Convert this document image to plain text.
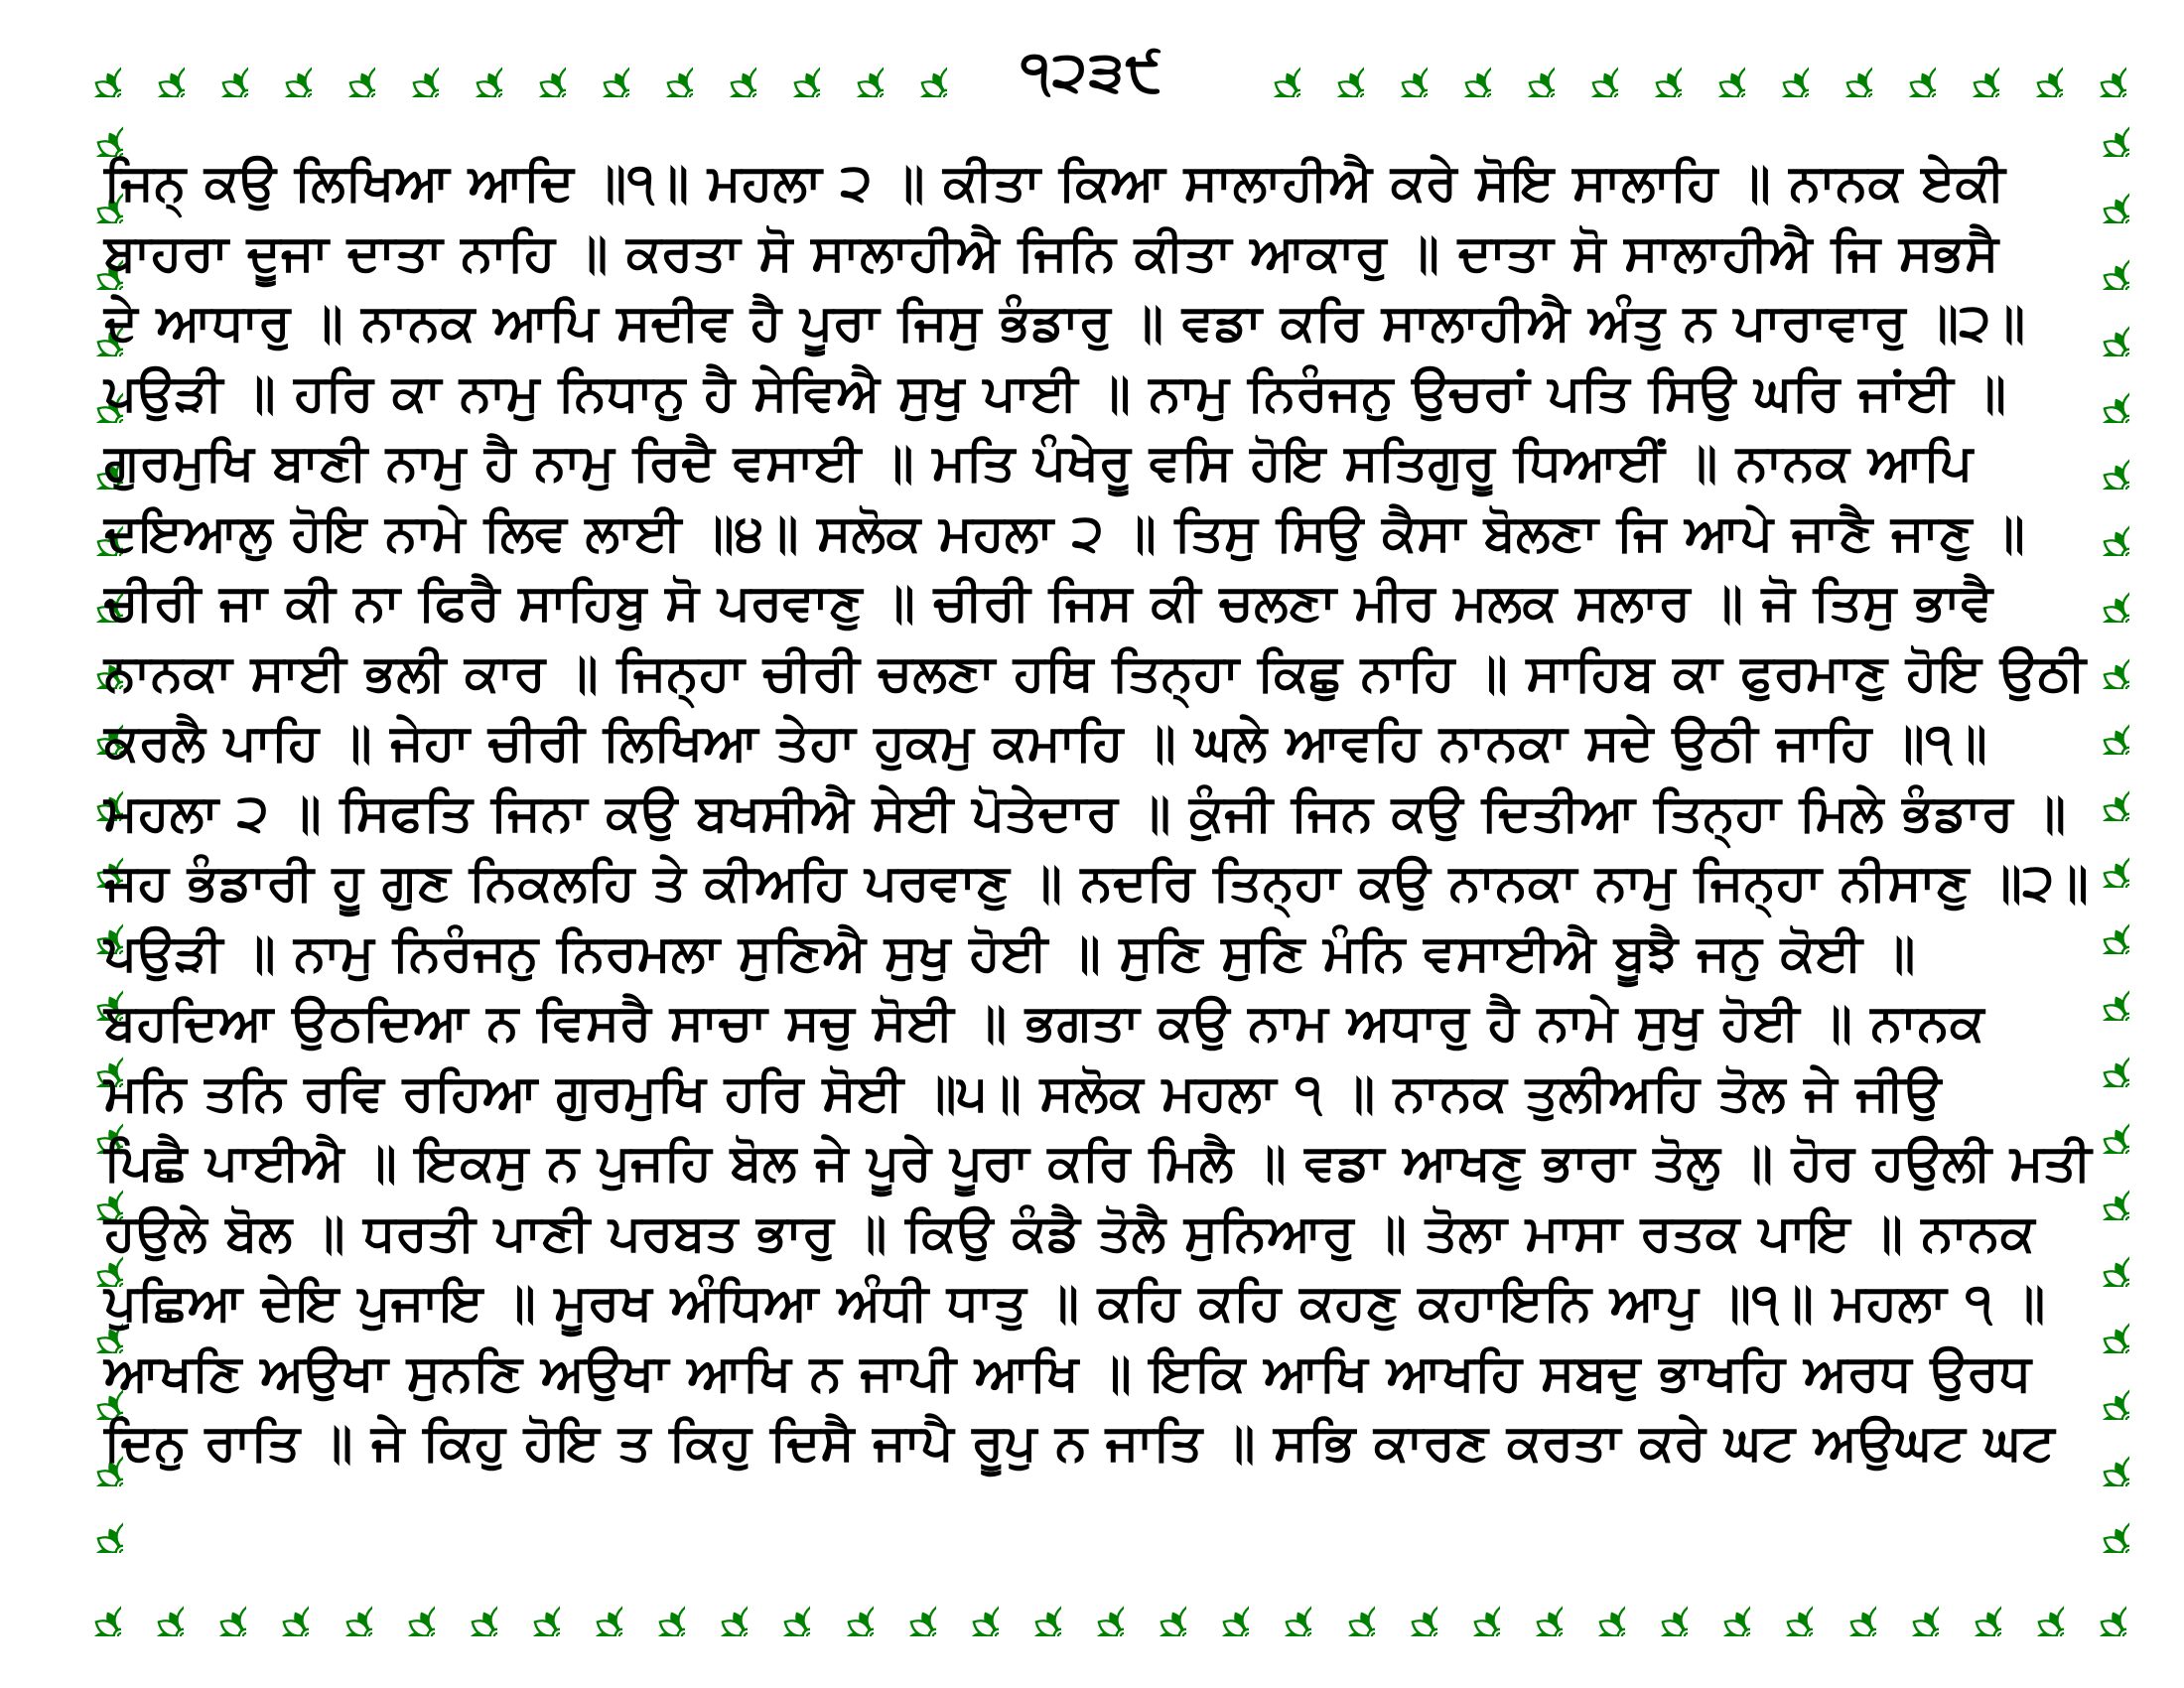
੧੨੩੯
ਜਿਨ੍ ਕਉ ਲਿਖਿਆ ਆਦਿ ॥੧॥ ਮਹਲਾ ੨ ॥ ਕੀਤਾ ਕਿਆ ਸਾਲਾਹੀਐ ਕਰੇ ਸੋਇ ਸਾਲਾਹਿ ॥ ਨਾਨਕ ਏਕੀ
ਬਾਹਰਾ ਦੂਜਾ ਦਾਤਾ ਨਾਹਿ ॥ ਕਰਤਾ ਸੋ ਸਾਲਾਹੀਐ ਜਿਨਿ ਕੀਤਾ ਆਕਾਰੁ ॥ ਦਾਤਾ ਸੋ ਸਾਲਾਹੀਐ ਜਿ ਸਭਸੈ
ਦੇ ਆਧਾਰੁ ॥ ਨਾਨਕ ਆਪਿ ਸਦੀਵ ਹੈ ਪੂਰਾ ਜਿਸੁ ਭੰਡਾਰੁ ॥ ਵਡਾ ਕਰਿ ਸਾਲਾਹੀਐ ਅੰਤੁ ਨ ਪਾਰਾਵਾਰੁ ॥੨॥
ਪਉੜੀ ॥ ਹਰਿ ਕਾ ਨਾਮੁ ਨਿਧਾਨੁ ਹੈ ਸੇਵਿਐ ਸੁਖੁ ਪਾਈ ॥ ਨਾਮੁ ਨਿਰੰਜਨੁ ਉਚਰਾਂ ਪਤਿ ਸਿਉ ਘਰਿ ਜਾਂਈ ॥
ਗੁਰਮੁਖਿ ਬਾਣੀ ਨਾਮੁ ਹੈ ਨਾਮੁ ਰਿਦੈ ਵਸਾਈ ॥ ਮਤਿ ਪੰਖੇਰੂ ਵਸਿ ਹੋਇ ਸਤਿਗੁਰੂ ਧਿਆਈਂ ॥ ਨਾਨਕ ਆਪਿ
ਦਇਆਲੁ ਹੋਇ ਨਾਮੇ ਲਿਵ ਲਾਈ ॥੪॥ ਸਲੋਕ ਮਹਲਾ ੨ ॥ ਤਿਸੁ ਸਿਉ ਕੈਸਾ ਬੋਲਣਾ ਜਿ ਆਪੇ ਜਾਣੈ ਜਾਣੁ ॥
ਚੀਰੀ ਜਾ ਕੀ ਨਾ ਫਿਰੈ ਸਾਹਿਬੁ ਸੋ ਪਰਵਾਣੁ ॥ ਚੀਰੀ ਜਿਸ ਕੀ ਚਲਣਾ ਮੀਰ ਮਲਕ ਸਲਾਰ ॥ ਜੋ ਤਿਸੁ ਭਾਵੈ
ਨਾਨਕਾ ਸਾਈ ਭਲੀ ਕਾਰ ॥ ਜਿਨ੍ਹਾ ਚੀਰੀ ਚਲਣਾ ਹਥਿ ਤਿਨ੍ਹਾ ਕਿਛੁ ਨਾਹਿ ॥ ਸਾਹਿਬ ਕਾ ਫੁਰਮਾਣੁ ਹੋਇ ਉਠੀ
ਕਰਲੈ ਪਾਹਿ ॥ ਜੇਹਾ ਚੀਰੀ ਲਿਖਿਆ ਤੇਹਾ ਹੁਕਮੁ ਕਮਾਹਿ ॥ ਘਲੇ ਆਵਹਿ ਨਾਨਕਾ ਸਦੇ ਉਠੀ ਜਾਹਿ ॥੧॥
ਮਹਲਾ ੨ ॥ ਸਿਫਤਿ ਜਿਨਾ ਕਉ ਬਖਸੀਐ ਸੇਈ ਪੋਤੇਦਾਰ ॥ ਕੁੰਜੀ ਜਿਨ ਕਉ ਦਿਤੀਆ ਤਿਨ੍ਹਾ ਮਿਲੇ ਭੰਡਾਰ ॥
ਜਹ ਭੰਡਾਰੀ ਹੂ ਗੁਣ ਨਿਕਲਹਿ ਤੇ ਕੀਅਹਿ ਪਰਵਾਣੁ ॥ ਨਦਰਿ ਤਿਨ੍ਹਾ ਕਉ ਨਾਨਕਾ ਨਾਮੁ ਜਿਨ੍ਹਾ ਨੀਸਾਣੁ ॥੨॥
ਪਉੜੀ ॥ ਨਾਮੁ ਨਿਰੰਜਨੁ ਨਿਰਮਲਾ ਸੁਣਿਐ ਸੁਖੁ ਹੋਈ ॥ ਸੁਣਿ ਸੁਣਿ ਮੰਨਿ ਵਸਾਈਐ ਬੂਝੈ ਜਨੁ ਕੋਈ ॥
ਬਹਦਿਆ ਉਠਦਿਆ ਨ ਵਿਸਰੈ ਸਾਚਾ ਸਚੁ ਸੋਈ ॥ ਭਗਤਾ ਕਉ ਨਾਮ ਅਧਾਰੁ ਹੈ ਨਾਮੇ ਸੁਖੁ ਹੋਈ ॥ ਨਾਨਕ
ਮਨਿ ਤਨਿ ਰਵਿ ਰਹਿਆ ਗੁਰਮੁਖਿ ਹਰਿ ਸੋਈ ॥੫॥ ਸਲੋਕ ਮਹਲਾ ੧ ॥ ਨਾਨਕ ਤੁਲੀਅਹਿ ਤੋਲ ਜੇ ਜੀਉ
ਪਿਛੈ ਪਾਈਐ ॥ ਇਕਸੁ ਨ ਪੁਜਹਿ ਬੋਲ ਜੇ ਪੂਰੇ ਪੂਰਾ ਕਰਿ ਮਿਲੈ ॥ ਵਡਾ ਆਖਣੁ ਭਾਰਾ ਤੋਲੁ ॥ ਹੋਰ ਹਉਲੀ ਮਤੀ
ਹਉਲੇ ਬੋਲ ॥ ਧਰਤੀ ਪਾਣੀ ਪਰਬਤ ਭਾਰੁ ॥ ਕਿਉ ਕੰਡੈ ਤੋਲੈ ਸੁਨਿਆਰੁ ॥ ਤੋਲਾ ਮਾਸਾ ਰਤਕ ਪਾਇ ॥ ਨਾਨਕ
ਪੁਛਿਆ ਦੇਇ ਪੁਜਾਇ ॥ ਮੂਰਖ ਅੰਧਿਆ ਅੰਧੀ ਧਾਤੁ ॥ ਕਹਿ ਕਹਿ ਕਹਣੁ ਕਹਾਇਨਿ ਆਪੁ ॥੧॥ ਮਹਲਾ ੧ ॥
ਆਖਣਿ ਅਉਖਾ ਸੁਨਣਿ ਅਉਖਾ ਆਖਿ ਨ ਜਾਪੀ ਆਖਿ ॥ ਇਕਿ ਆਖਿ ਆਖਹਿ ਸਬਦੁ ਭਾਖਹਿ ਅਰਧ ਉਰਧ
ਦਿਨੁ ਰਾਤਿ ॥ ਜੇ ਕਿਹੁ ਹੋਇ ਤ ਕਿਹੁ ਦਿਸੈ ਜਾਪੈ ਰੂਪੁ ਨ ਜਾਤਿ ॥ ਸਭਿ ਕਾਰਣ ਕਰਤਾ ਕਰੇ ਘਟ ਅਉਘਟ ਘਟ
